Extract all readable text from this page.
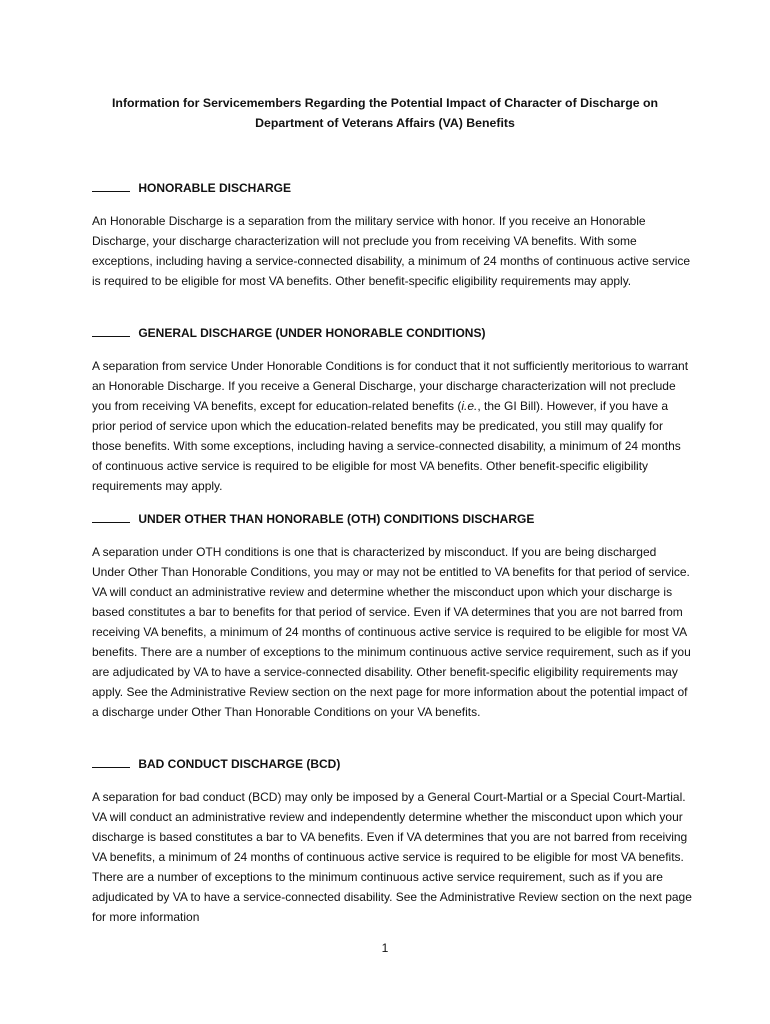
Information for Servicemembers Regarding the Potential Impact of Character of Discharge on
Department of Veterans Affairs (VA) Benefits
HONORABLE DISCHARGE
An Honorable Discharge is a separation from the military service with honor. If you receive an Honorable Discharge, your discharge characterization will not preclude you from receiving VA benefits. With some exceptions, including having a service-connected disability, a minimum of 24 months of continuous active service is required to be eligible for most VA benefits. Other benefit-specific eligibility requirements may apply.
GENERAL DISCHARGE (UNDER HONORABLE CONDITIONS)
A separation from service Under Honorable Conditions is for conduct that it not sufficiently meritorious to warrant an Honorable Discharge. If you receive a General Discharge, your discharge characterization will not preclude you from receiving VA benefits, except for education-related benefits (i.e., the GI Bill). However, if you have a prior period of service upon which the education-related benefits may be predicated, you still may qualify for those benefits. With some exceptions, including having a service-connected disability, a minimum of 24 months of continuous active service is required to be eligible for most VA benefits. Other benefit-specific eligibility requirements may apply.
UNDER OTHER THAN HONORABLE (OTH) CONDITIONS DISCHARGE
A separation under OTH conditions is one that is characterized by misconduct. If you are being discharged Under Other Than Honorable Conditions, you may or may not be entitled to VA benefits for that period of service. VA will conduct an administrative review and determine whether the misconduct upon which your discharge is based constitutes a bar to benefits for that period of service. Even if VA determines that you are not barred from receiving VA benefits, a minimum of 24 months of continuous active service is required to be eligible for most VA benefits. There are a number of exceptions to the minimum continuous active service requirement, such as if you are adjudicated by VA to have a service-connected disability. Other benefit-specific eligibility requirements may apply. See the Administrative Review section on the next page for more information about the potential impact of a discharge under Other Than Honorable Conditions on your VA benefits.
BAD CONDUCT DISCHARGE (BCD)
A separation for bad conduct (BCD) may only be imposed by a General Court-Martial or a Special Court-Martial. VA will conduct an administrative review and independently determine whether the misconduct upon which your discharge is based constitutes a bar to VA benefits. Even if VA determines that you are not barred from receiving VA benefits, a minimum of 24 months of continuous active service is required to be eligible for most VA benefits. There are a number of exceptions to the minimum continuous active service requirement, such as if you are adjudicated by VA to have a service-connected disability. See the Administrative Review section on the next page for more information
1
